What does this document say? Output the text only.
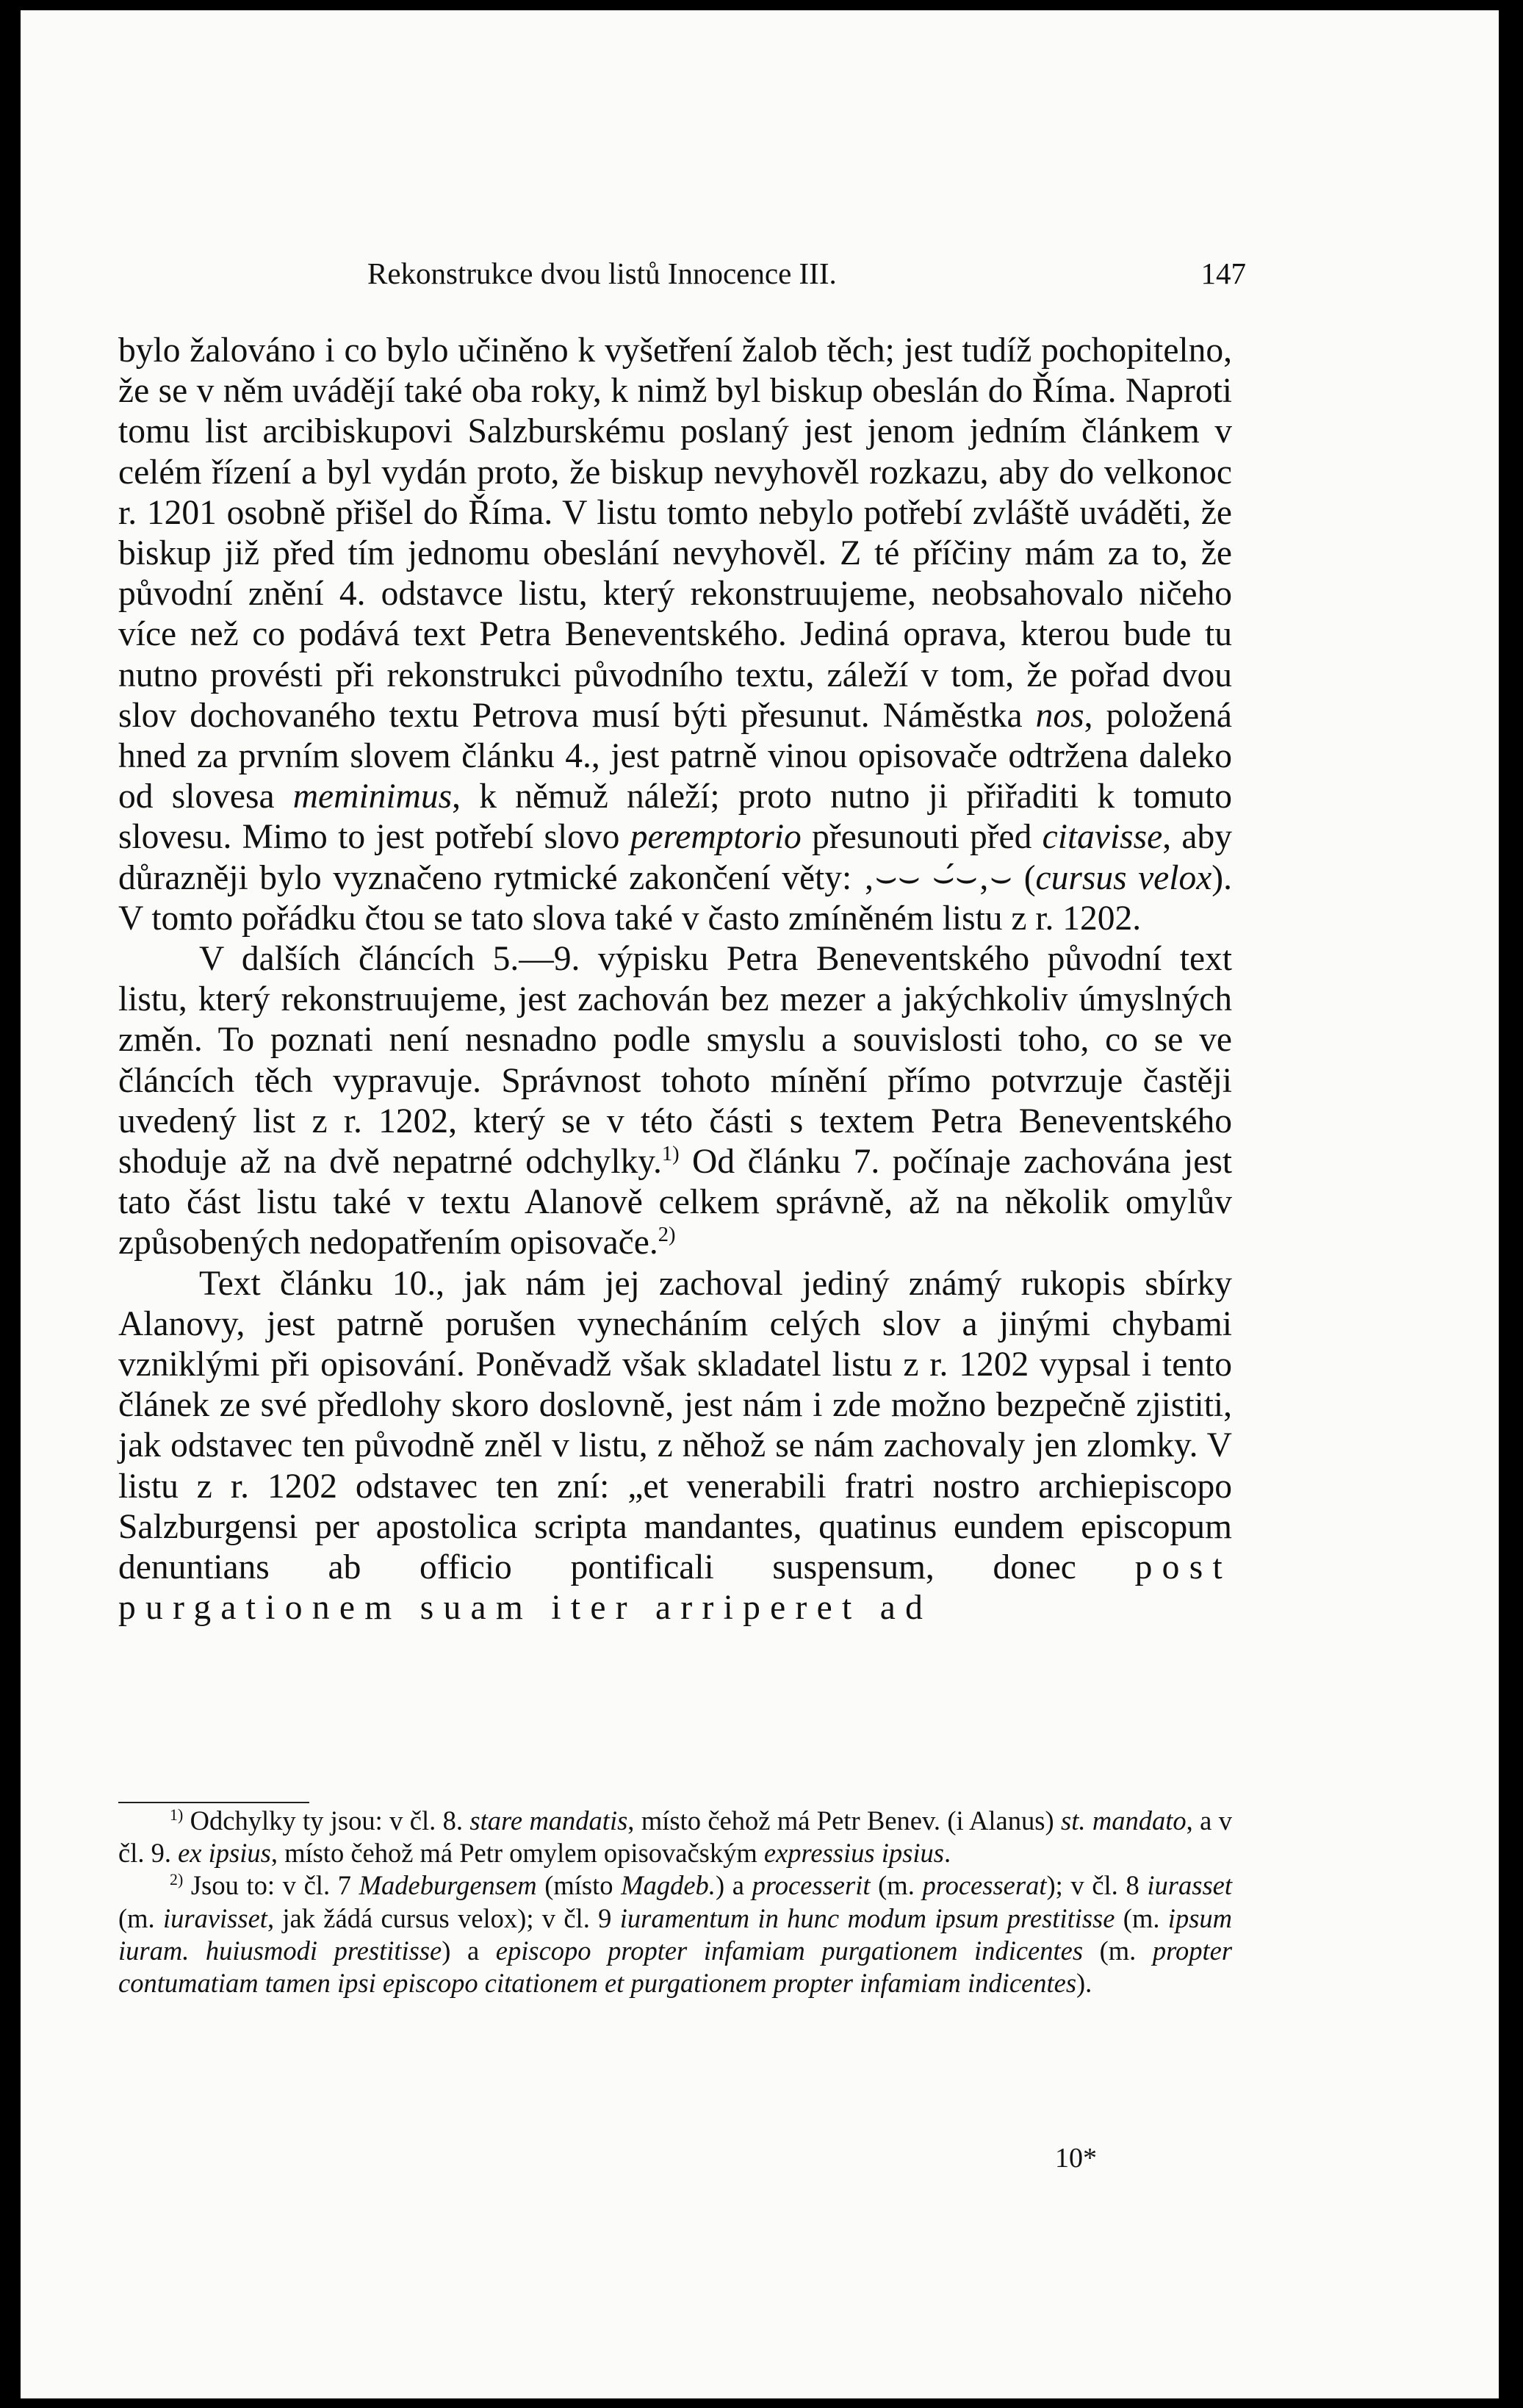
Rekonstrukce dvou listů Innocence III.	147

bylo žalováno i co bylo učiněno k vyšetření žalob těch; jest tudíž pochopitelno, že se v něm uvádějí také oba roky, k nimž byl biskup obeslán do Říma. Naproti tomu list arcibiskupovi Salzburskému poslaný jest jenom jedním článkem v celém řízení a byl vydán proto, že biskup nevyhověl rozkazu, aby do velkonoc r. 1201 osobně přišel do Říma. V listu tomto nebylo potřebí zvláště uváděti, že biskup již před tím jednomu obeslání nevyhověl. Z té příčiny mám za to, že původní znění 4. odstavce listu, který rekonstruujeme, neobsahovalo ničeho více než co podává text Petra Beneventského. Jediná oprava, kterou bude tu nutno provésti při rekonstrukci původního textu, záleží v tom, že pořad dvou slov dochovaného textu Petrova musí býti přesunut. Náměstka nos, položená hned za prvním slovem článku 4., jest patrně vinou opisovače odtržena daleko od slovesa meminimus, k němuž náleží; proto nutno ji přiřaditi k tomuto slovesu. Mimo to jest potřebí slovo peremptorio přesunouti před citavisse, aby důrazněji bylo vyznačeno rytmické zakončení věty: ‚⌣⌣ ⌣́⌣‚⌣ (cursus velox). V tomto pořádku čtou se tato slova také v často zmíněném listu z r. 1202.

V dalších článcích 5.—9. výpisku Petra Beneventského původní text listu, který rekonstruujeme, jest zachován bez mezer a jakýchkoliv úmyslných změn. To poznati není nesnadno podle smyslu a souvislosti toho, co se ve článcích těch vypravuje. Správnost tohoto mínění přímo potvrzuje častěji uvedený list z r. 1202, který se v této části s textem Petra Beneventského shoduje až na dvě nepatrné odchylky.$^{1)}$ Od článku 7. počínaje zachována jest tato část listu také v textu Alanově celkem správně, až na několik omylův způsobených nedopatřením opisovače.$^{2)}$

Text článku 10., jak nám jej zachoval jediný známý rukopis sbírky Alanovy, jest patrně porušen vynecháním celých slov a jinými chybami vzniklými při opisování. Poněvadž však skladatel listu z r. 1202 vypsal i tento článek ze své předlohy skoro doslovně, jest nám i zde možno bezpečně zjistiti, jak odstavec ten původně zněl v listu, z něhož se nám zachovaly jen zlomky. V listu z r. 1202 odstavec ten zní: „et venerabili fratri nostro archiepiscopo Salzburgensi per apostolica scripta mandantes, quatinus eundem episcopum denuntians ab officio pontificali suspensum, donec post purgationem suam iter arriperet ad

$^{1)}$ Odchylky ty jsou: v čl. 8. stare mandatis, místo čehož má Petr Benev. (i Alanus) st. mandato, a v čl. 9. ex ipsius, místo čehož má Petr omylem opisovačským expressius ipsius.

$^{2)}$ Jsou to: v čl. 7 Madeburgensem (místo Magdeb.) a processerit (m. processerat); v čl. 8 iurasset (m. iuravisset, jak žádá cursus velox); v čl. 9 iuramentum in hunc modum ipsum prestitisse (m. ipsum iuram. huiusmodi prestitisse) a episcopo propter infamiam purgationem indicentes (m. propter contumatiam tamen ipsi episcopo citationem et purgationem propter infamiam indicentes).

10*
